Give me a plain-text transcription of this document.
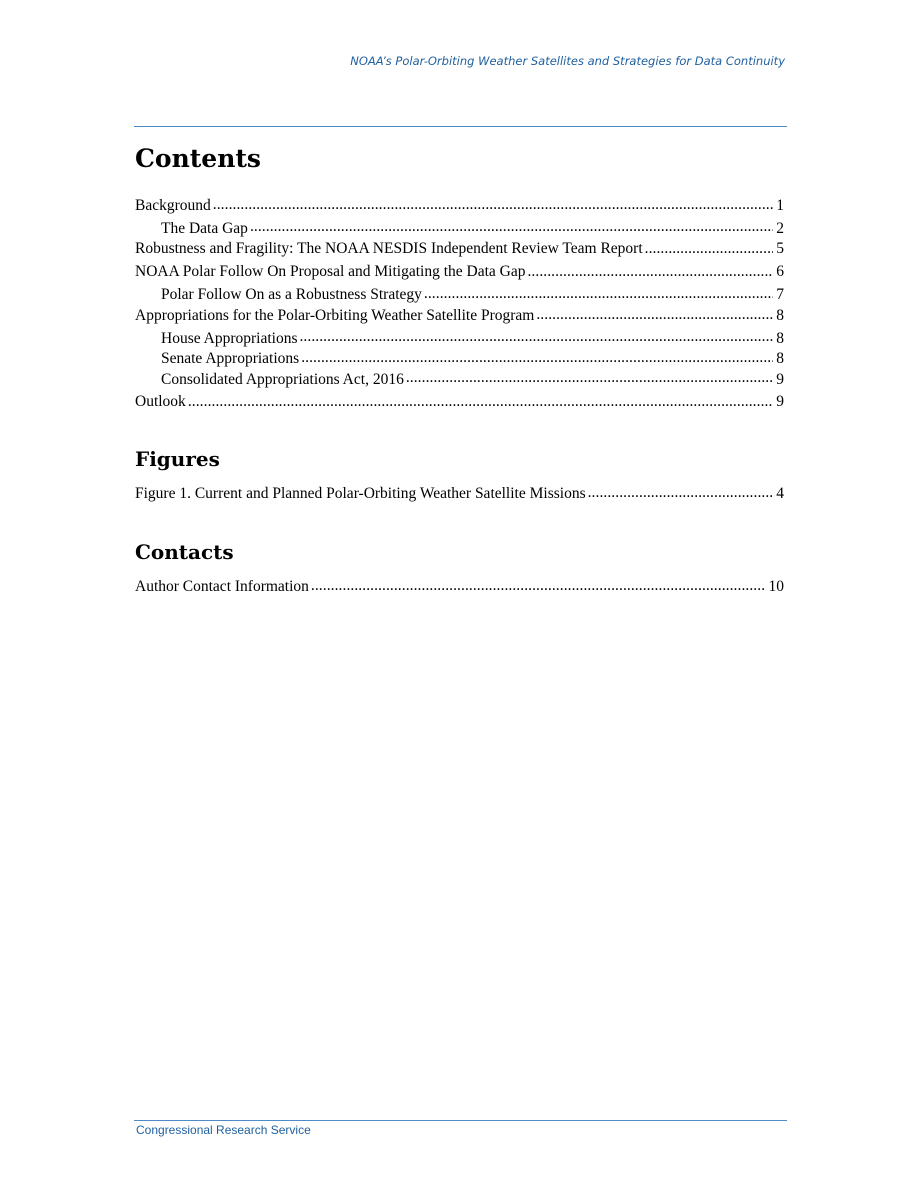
NOAA’s Polar-Orbiting Weather Satellites and Strategies for Data Continuity
Contents
Background . . .	1
The Data Gap . . .	2
Robustness and Fragility: The NOAA NESDIS Independent Review Team Report . . .	5
NOAA Polar Follow On Proposal and Mitigating the Data Gap . . .	6
Polar Follow On as a Robustness Strategy . . .	7
Appropriations for the Polar-Orbiting Weather Satellite Program . . .	8
House Appropriations . . .	8
Senate Appropriations . . .	8
Consolidated Appropriations Act, 2016 . . .	9
Outlook . . .	9
Figures
Figure 1. Current and Planned Polar-Orbiting Weather Satellite Missions . . .	4
Contacts
Author Contact Information . . .	10
Congressional Research Service
